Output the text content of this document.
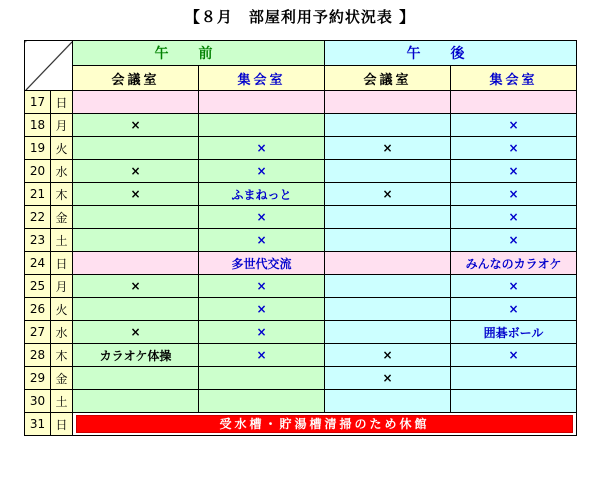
【８月　部屋利用予約状況表 】
		午前		午後	
		会議室	集会室	会議室	集会室
17	日				
18	月	×			×
19	火		×	×	×
20	水	×	×		×
21	木	×	ふまねっと	×	×
22	金		×		×
23	土		×		×
24	日		多世代交流		みんなのカラオケ
25	月	×	×		×
26	火		×		×
27	水	×	×		囲碁ボール
28	木	カラオケ体操	×	×	×
29	金			×	
30	土				
31	日	受水槽・貯湯槽清掃のため休館			
